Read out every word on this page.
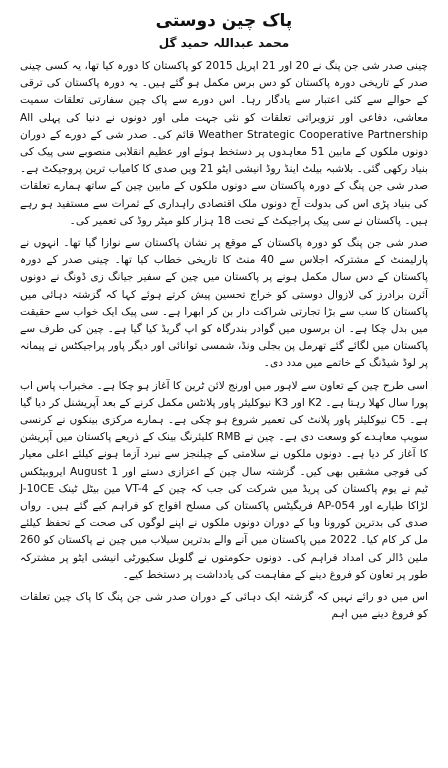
پاک چین دوستی
محمد عبداللہ حمید گل

چینی صدر شی جن پنگ نے 20 اور 21 اپریل 2015 کو پاکستان کا دورہ کیا تھا، یہ کسی چینی صدر کے تاریخی دورہ پاکستان کو دس برس مکمل ہو گئے ہیں۔ یہ دورہ پاکستان کی ترقی کے حوالے سے کئی اعتبار سے یادگار رہا۔ اس دورے سے پاک چین سفارتی تعلقات سمیت معاشی، دفاعی اور تزویراتی تعلقات کو نئی جہت ملی اور دونوں نے دنیا کی پہلی All Weather Strategic Cooperative Partnership قائم کی۔ صدر شی کے دورے کے دوران دونوں ملکوں کے مابین 51 معاہدوں پر دستخط ہوئے اور عظیم انقلابی منصوبے سی پیک کی بنیاد رکھی گئی۔ بلاشبہ بیلٹ اینڈ روڈ انیشی ایٹو 21 ویں صدی کا کامیاب ترین پروجیکٹ ہے۔ صدر شی جن پنگ کے دورہ پاکستان سے دونوں ملکوں کے مابین چین کے ساتھ ہمارے تعلقات کی بنیاد پڑی اس کی بدولت آج دونوں ملک اقتصادی راہداری کے ثمرات سے مستفید ہو رہے ہیں۔ پاکستان نے سی پیک پراجیکٹ کے تحت 18 ہزار کلو میٹر روڈ کی تعمیر کی۔

صدر شی جن پنگ کو دورہ پاکستان کے موقع پر نشان پاکستان سے نوازا گیا تھا۔ انہوں نے پارلیمنٹ کے مشترکہ اجلاس سے 40 منٹ کا تاریخی خطاب کیا تھا۔ چینی صدر کے دورہ پاکستان کے دس سال مکمل ہونے پر پاکستان میں چین کے سفیر جیانگ زی ڈونگ نے دونوں آئرن برادرز کی لازوال دوستی کو خراج تحسین پیش کرتے ہوئے کہا کہ گزشتہ دہائی میں پاکستان کا سب سے بڑا تجارتی شراکت دار بن کر ابھرا ہے۔ سی پیک ایک خواب سے حقیقت میں بدل چکا ہے۔ ان برسوں میں گوادر بندرگاہ کو اپ گریڈ کیا گیا ہے۔ چین کی طرف سے پاکستان میں لگائے گئے تھرمل پن بجلی ونڈ، شمسی توانائی اور دیگر پاور پراجیکٹس نے پیمانہ پر لوڈ شیڈنگ کے خاتمے میں مدد دی۔

اسی طرح چین کے تعاون سے لاہور میں اورنج لائن ٹرین کا آغاز ہو چکا ہے۔ مخبراب پاس اب پورا سال کھلا رہتا ہے۔ K2 اور K3 نیوکلیئر پاور پلانٹس مکمل کرنے کے بعد آپریشنل کر دیا گیا ہے۔ C5 نیوکلیئر پاور پلانٹ کی تعمیر شروع ہو چکی ہے۔ ہمارے مرکزی بینکوں نے کرنسی سویپ معاہدے کو وسعت دی ہے۔ چین نے RMB کلیئرنگ بینک کے ذریعے پاکستان میں آپریشن کا آغاز کر دیا ہے۔ دونوں ملکوں نے سلامتی کے چیلنجز سے نبرد آزما ہونے کیلئے اعلی معیار کی فوجی مشقیں بھی کیں۔ گزشتہ سال چین کے اعزازی دستے اور 1 August ایروبیٹکس ٹیم نے یوم پاکستان کی پریڈ میں شرکت کی جب کہ چین کے VT-4 مین بیٹل ٹینک J-10CE لڑاکا طیارے اور AP-054 فریگیٹس پاکستان کی مسلح افواج کو فراہم کیے گئے ہیں۔ رواں صدی کی بدترین کورونا وبا کے دوران دونوں ملکوں نے اپنے لوگوں کی صحت کے تحفظ کیلئے مل کر کام کیا۔ 2022 میں پاکستان میں آنے والے بدترین سیلاب میں چین نے پاکستان کو 260 ملین ڈالر کی امداد فراہم کی۔ دونوں حکومتوں نے گلوبل سکیورٹی انیشی ایٹو پر مشترکہ طور پر تعاون کو فروغ دینے کے مفاہمت کی یادداشت پر دستخط کیے۔

اس میں دو رائے نہیں کہ گزشتہ ایک دہائی کے دوران صدر شی جن پنگ کا پاک چین تعلقات کو فروغ دینے میں اہم
